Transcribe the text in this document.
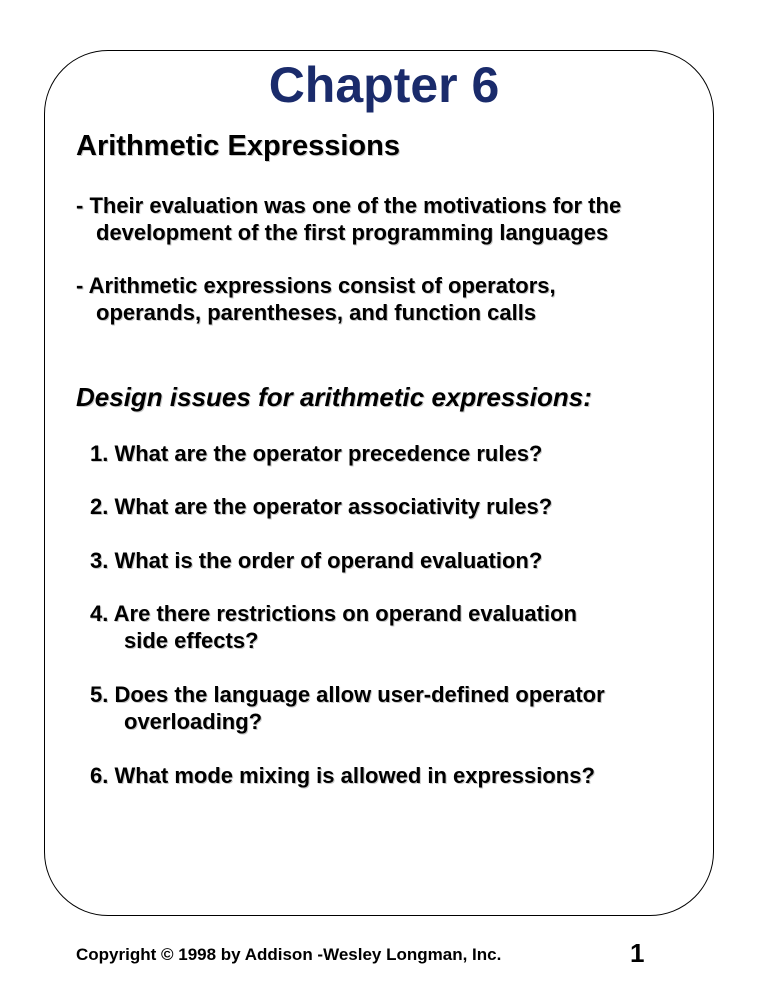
Chapter 6
Arithmetic Expressions

- Their evaluation was one of the motivations for the
development of the first programming languages

- Arithmetic expressions consist of operators,
operands, parentheses, and function calls

Design issues for arithmetic expressions:

1. What are the operator precedence rules?

2. What are the operator associativity rules?

3. What is the order of operand evaluation?

4. Are there restrictions on operand evaluation
side effects?

5. Does the language allow user-defined operator
overloading?

6. What mode mixing is allowed in expressions?

Copyright © 1998 by Addison -Wesley Longman, Inc.	1
